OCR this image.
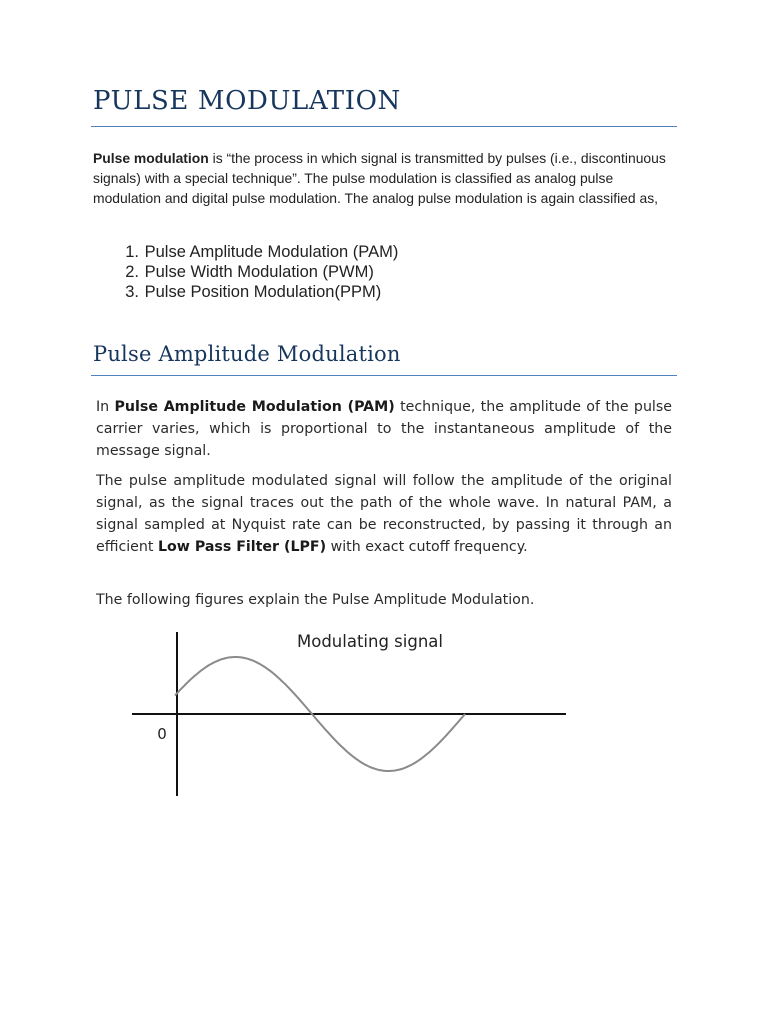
PULSE MODULATION

Pulse modulation is “the process in which signal is transmitted by pulses (i.e., discontinuous signals) with a special technique”. The pulse modulation is classified as analog pulse modulation and digital pulse modulation. The analog pulse modulation is again classified as,

1.
Pulse Amplitude Modulation (PAM)
2.
Pulse Width Modulation (PWM)
3.
Pulse Position Modulation(PPM)
Pulse Amplitude Modulation

In Pulse Amplitude Modulation (PAM) technique, the amplitude of the pulse carrier varies, which is proportional to the instantaneous amplitude of the message signal.

The pulse amplitude modulated signal will follow the amplitude of the original signal, as the signal traces out the path of the whole wave. In natural PAM, a signal sampled at Nyquist rate can be reconstructed, by passing it through an efficient Low Pass Filter (LPF) with exact cutoff frequency.

The following figures explain the Pulse Amplitude Modulation.

Modulating signal
0
